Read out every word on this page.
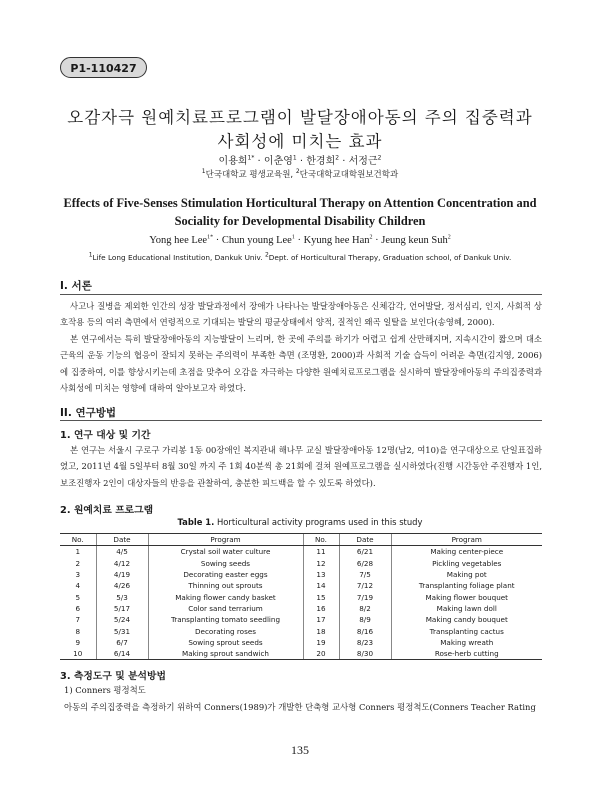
P1-110427
오감자극 원예치료프로그램이 발달장애아동의 주의 집중력과
사회성에 미치는 효과
이용희$^{1*}$ · 이춘영$^1$ · 한경희$^2$ · 서정근$^2$
$^1$단국대학교 평생교육원, $^2$단국대학교대학원보건학과
Effects of Five-Senses Stimulation Horticultural Therapy on Attention Concentration and
Sociality for Developmental Disability Children
Yong hee Lee$^{1*}$ · Chun young Lee$^1$ · Kyung hee Han$^2$ · Jeung keun Suh$^2$
$^1$Life Long Educational Institution, Dankuk Univ. $^2$Dept. of Horticultural Therapy, Graduation school, of Dankuk Univ.
I. 서론

사고나 질병을 제외한 인간의 성장 발달과정에서 장애가 나타나는 발달장애아동은 신체감각, 언어발달, 정서심리, 인지, 사회적 상호작용 등의 여러 측면에서 연령적으로 기대되는 발달의 평균상태에서 양적, 질적인 왜곡 일탈을 보인다(송영혜, 2000).

본 연구에서는 특히 발달장애아동의 지능발달이 느리며, 한 곳에 주의를 하기가 어렵고 쉽게 산만해지며, 지속시간이 짧으며 대소 근육의 운동 기능의 협응이 잘되지 못하는 주의력이 부족한 측면 (조명환, 2000)과 사회적 기술 습득이 어려운 측면(김지영, 2006)에 집중하여, 이를 향상시키는데 초점을 맞추어 오감을 자극하는 다양한 원예치료프로그램을 실시하여 발달장애아동의 주의집중력과 사회성에 미치는 영향에 대하여 알아보고자 하였다.

II. 연구방법
1. 연구 대상 및 기간

본 연구는 서울시 구로구 가리봉 1동 00장애인 복지관내 해나무 교실 발달장애아동 12명(남2, 여10)을 연구대상으로 단일표집하였고, 2011년 4월 5일부터 8월 30일 까지 주 1회 40분씩 총 21회에 걸쳐 원예프로그램을 실시하였다(진행 시간동안 주진행자 1인, 보조진행자 2인이 대상자들의 반응을 관찰하여, 충분한 피드백을 할 수 있도록 하였다).

2. 원예치료 프로그램
Table 1. Horticultural activity programs used in this study
No.	Date	Program	No.	Date	Program
1	4/5	Crystal soil water culture	11	6/21	Making center-piece
2	4/12	Sowing seeds	12	6/28	Pickling vegetables
3	4/19	Decorating easter eggs	13	7/5	Making pot
4	4/26	Thinning out sprouts	14	7/12	Transplanting foliage plant
5	5/3	Making flower candy basket	15	7/19	Making flower bouquet
6	5/17	Color sand terrarium	16	8/2	Making lawn doll
7	5/24	Transplanting tomato seedling	17	8/9	Making candy bouquet
8	5/31	Decorating roses	18	8/16	Transplanting cactus
9	6/7	Sowing sprout seeds	19	8/23	Making wreath
10	6/14	Making sprout sandwich	20	8/30	Rose-herb cutting
3. 측정도구 및 분석방법
1) Conners 평정척도
아동의 주의집중력을 측정하기 위하여 Conners(1989)가 개발한 단축형 교사형 Conners 평정척도(Conners Teacher Rating
135
